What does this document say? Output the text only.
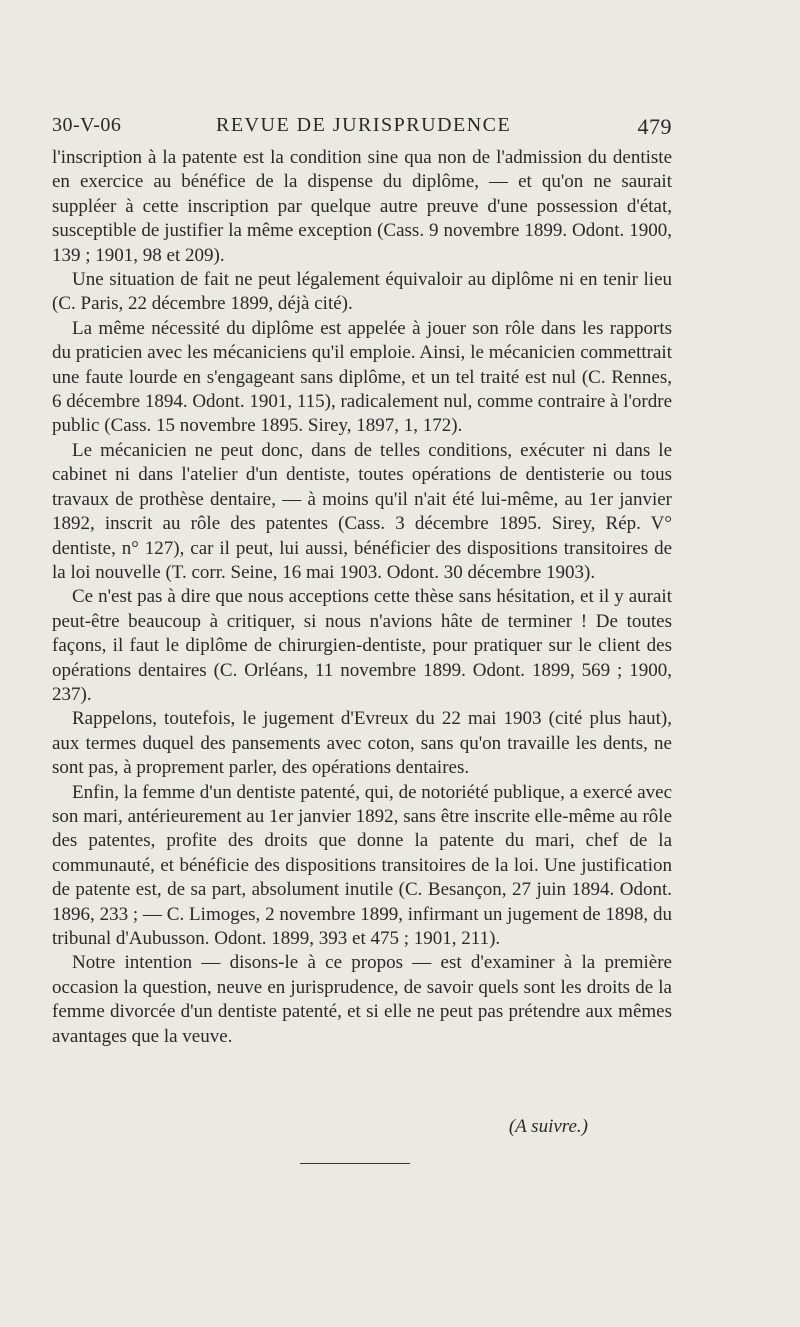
30-V-06	REVUE DE JURISPRUDENCE	479

l'inscription à la patente est la condition sine qua non de l'admission du dentiste en exercice au bénéfice de la dispense du diplôme, — et qu'on ne saurait suppléer à cette inscription par quelque autre preuve d'une possession d'état, susceptible de justifier la même exception (Cass. 9 novembre 1899. Odont. 1900, 139 ; 1901, 98 et 209).

Une situation de fait ne peut légalement équivaloir au diplôme ni en tenir lieu (C. Paris, 22 décembre 1899, déjà cité).

La même nécessité du diplôme est appelée à jouer son rôle dans les rapports du praticien avec les mécaniciens qu'il emploie. Ainsi, le mécanicien commettrait une faute lourde en s'engageant sans diplôme, et un tel traité est nul (C. Rennes, 6 décembre 1894. Odont. 1901, 115), radicalement nul, comme contraire à l'ordre public (Cass. 15 novembre 1895. Sirey, 1897, 1, 172).

Le mécanicien ne peut donc, dans de telles conditions, exécuter ni dans le cabinet ni dans l'atelier d'un dentiste, toutes opérations de dentisterie ou tous travaux de prothèse dentaire, — à moins qu'il n'ait été lui-même, au 1er janvier 1892, inscrit au rôle des patentes (Cass. 3 décembre 1895. Sirey, Rép. V° dentiste, n° 127), car il peut, lui aussi, bénéficier des dispositions transitoires de la loi nouvelle (T. corr. Seine, 16 mai 1903. Odont. 30 décembre 1903).

Ce n'est pas à dire que nous acceptions cette thèse sans hésitation, et il y aurait peut-être beaucoup à critiquer, si nous n'avions hâte de terminer ! De toutes façons, il faut le diplôme de chirurgien-dentiste, pour pratiquer sur le client des opérations dentaires (C. Orléans, 11 novembre 1899. Odont. 1899, 569 ; 1900, 237).

Rappelons, toutefois, le jugement d'Evreux du 22 mai 1903 (cité plus haut), aux termes duquel des pansements avec coton, sans qu'on travaille les dents, ne sont pas, à proprement parler, des opérations dentaires.

Enfin, la femme d'un dentiste patenté, qui, de notoriété publique, a exercé avec son mari, antérieurement au 1er janvier 1892, sans être inscrite elle-même au rôle des patentes, profite des droits que donne la patente du mari, chef de la communauté, et bénéficie des dispositions transitoires de la loi. Une justification de patente est, de sa part, absolument inutile (C. Besançon, 27 juin 1894. Odont. 1896, 233 ; — C. Limoges, 2 novembre 1899, infirmant un jugement de 1898, du tribunal d'Aubusson. Odont. 1899, 393 et 475 ; 1901, 211).

Notre intention — disons-le à ce propos — est d'examiner à la première occasion la question, neuve en jurisprudence, de savoir quels sont les droits de la femme divorcée d'un dentiste patenté, et si elle ne peut pas prétendre aux mêmes avantages que la veuve.

(A suivre.)
